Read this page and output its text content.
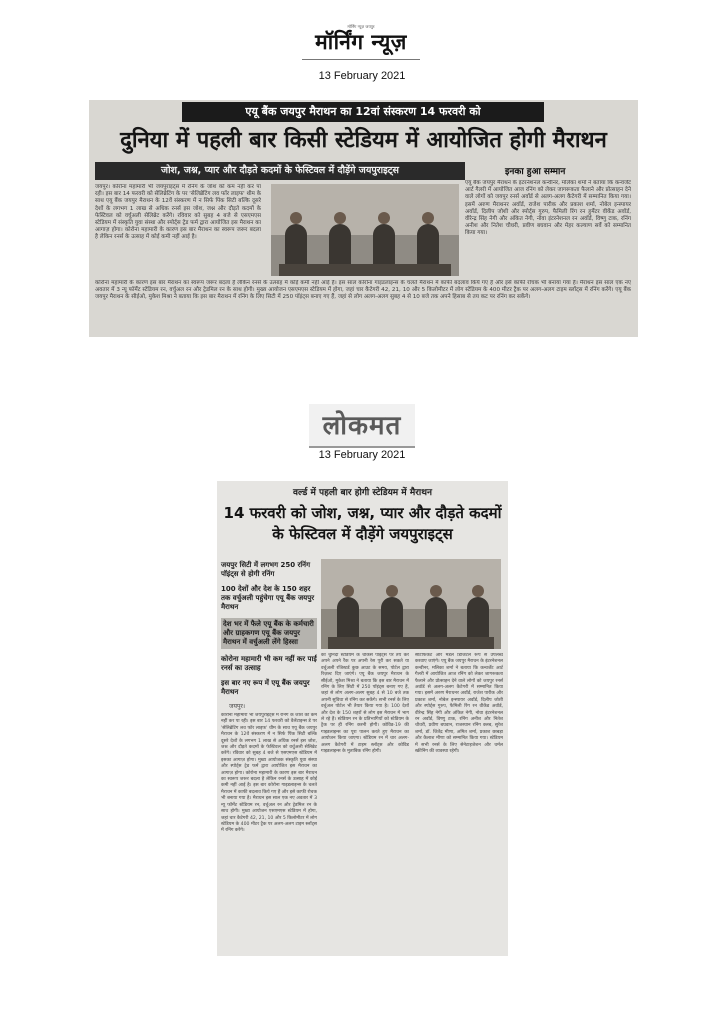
मॉर्निंग न्यूज़ जयपुर
मॉर्निंग न्यूज़
13 February 2021
एयू बैंक जयपुर मैराथन का 12वां संस्करण 14 फरवरी को
दुनिया में पहली बार किसी स्टेडियम में आयोजित होगी मैराथन
जोश, जश्न, प्यार और दौड़ते कदमों के फेस्टिवल में दौड़ेंगे जयपुराइट्स	इनका हुआ सम्मान
जयपुर। कोरोना महामारी भी जयपुराइट्स में रनिंग के जोश को कम नहीं कर पा रही। इस बार 14 फरवरी को सेलिब्रेटिंग के पर 'सेलिब्रेटिंग लव फॉर लाइफ' थीम के साथ एयू बैंक जयपुर मैराथन के 12वें संस्करण में न सिर्फ पिंक सिटी बल्कि दूसरे देशों के लगभग 1 लाख से अधिक रनर्स इस जोश, जश्न और दौड़ते कदमों के फेस्टिवल को वर्चुअली सेलिब्रेट करेंगे। रविवार को सुबह 4 बजे से एसएमएस स्टेडियम में संस्कृति युवा संस्था और स्पोर्ट्स ट्रेड फर्म द्वारा आयोजित इस मैराथन का आगाज़ होगा। कोरोना महामारी के कारण इस बार मैराथन का स्वरूप जरूर बदला है लेकिन रनर्स के उत्साह में कोई कमी नहीं आई है।
एयू बैंक जयपुर मैराथन के इंटरनेशनल कन्वीनर, मलिका शर्मा ने बताया कि कन्वर्जेंट आर्ट गैलरी में आयोजित आज रनिंग को लेकर जागरूकता फैलाने और प्रोत्साहन देने वाले लोगों को जयपुर रनर्स अवॉर्ड से अलग-अलग कैटेगरी में सम्मानित किया गया। इसमें अरुण मैराथनर अवॉर्ड, राजेश पारीक और प्रकाश शर्मा, नोबेल इन्स्पायर अवॉर्ड, दिलीप जोशी और स्पोर्ट्स गुरुप, फैमिली रिंग रन हुर्मेटर वीकेंड अवॉर्ड, वीरेन्द्र सिंह नेगी और अंकित नेगी, नोवा इंटरनेशनल रन अवॉर्ड, विष्णु टाक, रनिंग अनीश और नितेश चौधरी, प्रवीण बघवान और मेहर कल्याण सर्वे को सम्मानित किया गया।
कोरोना महामारी के कारण इस बार मैराथन का स्वरूप जरूर बदला है लेकिन रनर्स के उत्साह में कोई कमी नहीं आई है। इस साल कोरोना गाइडलाइन्स के चलते मैराथन में काफी बदलाव किये गए हैं और इसे काफी रोचक भी बनाया गया है। मैराथन इस साल एक नए अवतार में 3 न्यू फॉर्मेट स्टेडियम रन, वर्चुअल रन और ट्रेडमिल रन के साथ होगी। मुख्य आयोजन एसएमएस स्टेडियम में होगा, जहां चार कैटेगरी 42, 21, 10 और 5 किलोमीटर में लोग स्टेडियम के 400 मीटर ट्रैक पर अलग-अलग टाइम स्लॉट्स में रनिंग करेंगे। एयू बैंक जयपुर मैराथन के सीईओ, मुकेश मिश्रा ने बताया कि इस बार मैराथन में रनिंग के लिए सिटी में 250 पॉइंट्स बनाए गए हैं, जहां से लोग अलग-अलग सुबह 4 से 10 बजे तक अपने हिसाब से तय कट पर रनिंग कर सकेंगे।
लोकमत
13 February 2021
वर्ल्ड में पहली बार होगी स्टेडियम में मैराथन
14 फरवरी को जोश, जश्न, प्यार और दौड़ते कदमों के फेस्टिवल में दौड़ेंगे जयपुराइट्स
जयपुर सिटी में लगभग 250 रनिंग पॉइंट्स से होगी रनिंग
100 देशों और देश के 150 शहर तक वर्चुअली पहुंचेगा एयू बैंक जयपुर मैराथन
देश भर में फैले एयू बैंक के कर्मचारी और ग्राहकगण एयू बैंक जयपुर मैराथन में वर्चुअली लेंगे हिस्सा
कोरोना महामारी भी कम नहीं कर पाई रनर्स का उत्साह
इस बार नए रूप में एयू बैंक जयपुर मैराथन
जयपुर।
कोरोना महामारी भी जयपुराइट्स में रनिंग के जोश को कम नहीं कर पा रही। इस बार 14 फरवरी को वैलेंटाइन्स डे पर 'सेलिब्रेटिंग लव फॉर लाइफ' थीम के साथ एयू बैंक जयपुर मैराथन के 12वें संस्करण में न सिर्फ पिंक सिटी बल्कि दूसरे देशों के लगभग 1 लाख से अधिक रनर्स इस जोश, जश्न और दौड़ते कदमों के फेस्टिवल को वर्चुअली सेलिब्रेट करेंगे। रविवार को सुबह 4 बजे से एसएमएस स्टेडियम में इसका आगाज़ होगा। मुख्य आयोजक संस्कृति युवा संस्था और स्पोर्ट्स ट्रेड फर्म द्वारा आयोजित इस मैराथन का आगाज़ होगा। कोरोना महामारी के कारण इस बार मैराथन का स्वरूप जरूर बदला है लेकिन रनर्स के उत्साह में कोई कमी नहीं आई है। इस बार कोरोना गाइडलाइन्स के चलते मैराथन में काफी बदलाव किये गए हैं और इसे काफी रोचक भी बनाया गया है। मैराथन इस साल एक नए अवतार में 3 न्यू फॉर्मेट स्टेडियम रन, वर्चुअल रन और ट्रेडमिल रन के साथ होगी। मुख्य आयोजन एसएमएस स्टेडियम में होगा, जहां चार कैटेगरी 42, 21, 10 और 5 किलोमीटर में लोग स्टेडियम के 400 मीटर ट्रैक पर अलग-अलग टाइम स्लॉट्स में रनिंग करेंगे।
को चुनिंदा स्टेडियम के चौकस पॉइंट्स पर तय कर अपने अपने रैंक पर अपनी रेस पूरी कर सकते या वर्चुअली रजिस्टर्ड कुछ आउट के समय, पोर्टल द्वारा रिज़ल्ट दिए जाएंगे। एयू बैंक जयपुर मैराथन के सीईओ, मुकेश मिश्रा ने बताया कि इस बार मैराथन में रनिंग के लिए सिटी में 250 पॉइंट्स बनाए गए हैं, जहां से लोग अलग-अलग सुबह 4 से 10 बजे तक अपनी सुविधा से रनिंग कर सकेंगे। सभी रनर्स के लिए वर्चुअल पोर्टल भी तैयार किया गया है। 100 देशों और देश के 150 शहरों से लोग इस मैराथन में भाग ले रहे हैं। स्टेडियम रन के प्रतिभागियों को स्टेडियम के ट्रैक पर ही रनिंग करनी होगी। कोविड-19 की गाइडलाइन्स का पूरा पालन करते हुए मैराथन का आयोजन किया जाएगा। स्टेडियम रन में चार अलग-अलग कैटेगरी में टाइम स्लॉट्स और कोविड गाइडलाइन्स के मुताबिक रनिंग होगी।
सर्टिफिकेट और मेडल डिजिटल रूप से उपलब्ध करवाए जाएंगे। एयू बैंक जयपुर मैराथन के इंटरनेशनल कन्वीनर, मलिका शर्मा ने बताया कि कन्वर्जेंट आर्ट गैलरी में आयोजित आज रनिंग को लेकर जागरूकता फैलाने और प्रोत्साहन देने वाले लोगों को जयपुर रनर्स अवॉर्ड से अलग-अलग कैटेगरी में सम्मानित किया गया। इसमें अरुण मैराथनर अवॉर्ड, राजेश पारीक और प्रकाश शर्मा, नोबेल इन्स्पायर अवॉर्ड, दिलीप जोशी और स्पोर्ट्स गुरुप, फैमिली रिंग रन वीकेंड अवॉर्ड, वीरेन्द्र सिंह नेगी और अंकित नेगी, नोवा इंटरनेशनल रन अवॉर्ड, विष्णु टाक, रनिंग अनीश और नितेश चौधरी, प्रवीण बघवान, राजस्थान रनिंग क्लब, सुरेश शर्मा, डॉ. जितेंद्र मीणा, अमित शर्मा, प्रकाश छाबड़ा और कैलाश मीणा को सम्मानित किया गया। स्टेडियम में सभी रनर्स के लिए सेनेटाइजेशन और थर्मल स्क्रीनिंग की व्यवस्था रहेगी।
